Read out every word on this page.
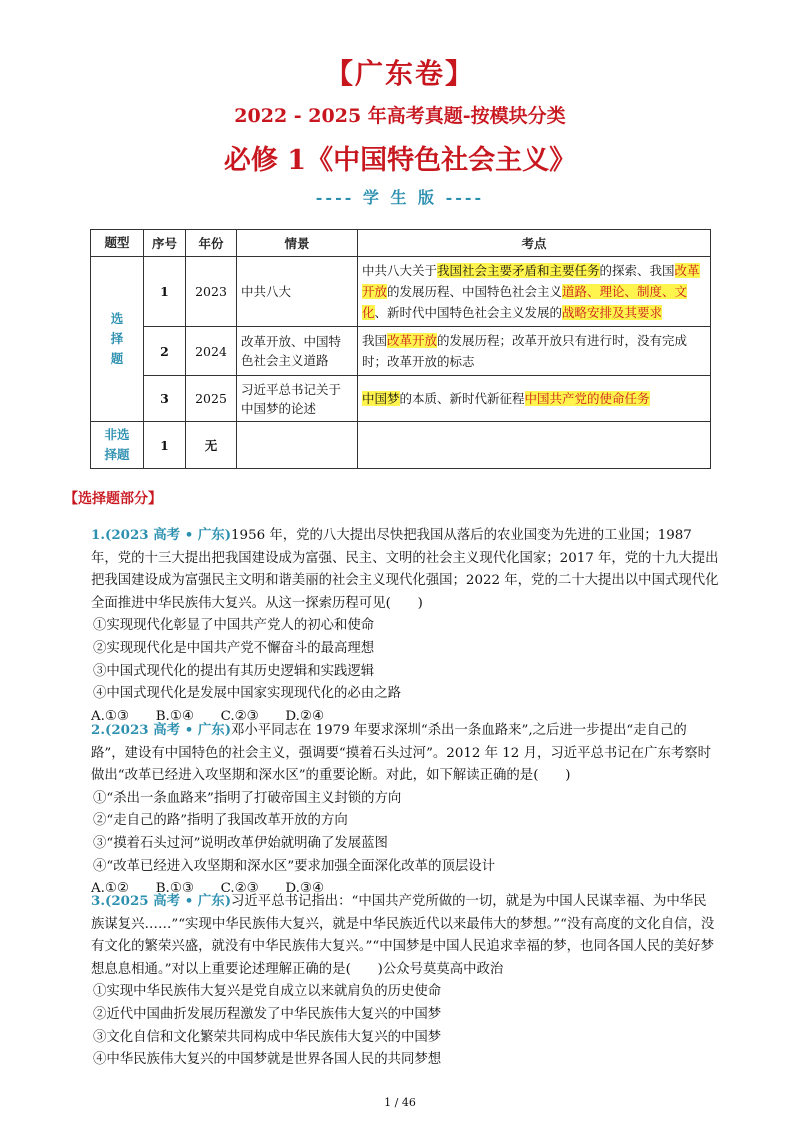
【广东卷】
2022 - 2025 年高考真题-按模块分类
必修 1《中国特色社会主义》
---- 学 生 版 ----
题型	序号	年份	情景	考点
选择题	1	2023	中共八大	中共八大关于我国社会主要矛盾和主要任务的探索、我国改革开放的发展历程、中国特色社会主义道路、理论、制度、文化、新时代中国特色社会主义发展的战略安排及其要求
	2	2024	改革开放、中国特色社会主义道路	我国改革开放的发展历程；改革开放只有进行时，没有完成时；改革开放的标志
	3	2025	习近平总书记关于中国梦的论述	中国梦的本质、新时代新征程中国共产党的使命任务
非选择题	1	无		
【选择题部分】
1.(2023 高考 • 广东)1956 年，党的八大提出尽快把我国从落后的农业国变为先进的工业国；1987 年，党的十三大提出把我国建设成为富强、民主、文明的社会主义现代化国家；2017 年，党的十九大提出把我国建设成为富强民主文明和谐美丽的社会主义现代化强国；2022 年，党的二十大提出以中国式现代化全面推进中华民族伟大复兴。从这一探索历程可见(　　)
①实现现代化彰显了中国共产党人的初心和使命
②实现现代化是中国共产党不懈奋斗的最高理想
③中国式现代化的提出有其历史逻辑和实践逻辑
④中国式现代化是发展中国家实现现代化的必由之路
A.①③　　B.①④　　C.②③　　D.②④
2.(2023 高考 • 广东)邓小平同志在 1979 年要求深圳“杀出一条血路来”,之后进一步提出“走自己的路”，建设有中国特色的社会主义，强调要“摸着石头过河”。2012 年 12 月，习近平总书记在广东考察时做出“改革已经进入攻坚期和深水区”的重要论断。对此，如下解读正确的是(　　)
①“杀出一条血路来”指明了打破帝国主义封锁的方向
②“走自己的路”指明了我国改革开放的方向
③“摸着石头过河”说明改革伊始就明确了发展蓝图
④“改革已经进入攻坚期和深水区”要求加强全面深化改革的顶层设计
A.①②　　B.①③　　C.②③　　D.③④
3.(2025 高考 • 广东)习近平总书记指出：“中国共产党所做的一切，就是为中国人民谋幸福、为中华民族谋复兴……”“实现中华民族伟大复兴，就是中华民族近代以来最伟大的梦想。”“没有高度的文化自信，没有文化的繁荣兴盛，就没有中华民族伟大复兴。”“中国梦是中国人民追求幸福的梦，也同各国人民的美好梦想息息相通。”对以上重要论述理解正确的是(　　)公众号莫莫高中政治
①实现中华民族伟大复兴是党自成立以来就肩负的历史使命
②近代中国曲折发展历程激发了中华民族伟大复兴的中国梦
③文化自信和文化繁荣共同构成中华民族伟大复兴的中国梦
④中华民族伟大复兴的中国梦就是世界各国人民的共同梦想
1 / 46
